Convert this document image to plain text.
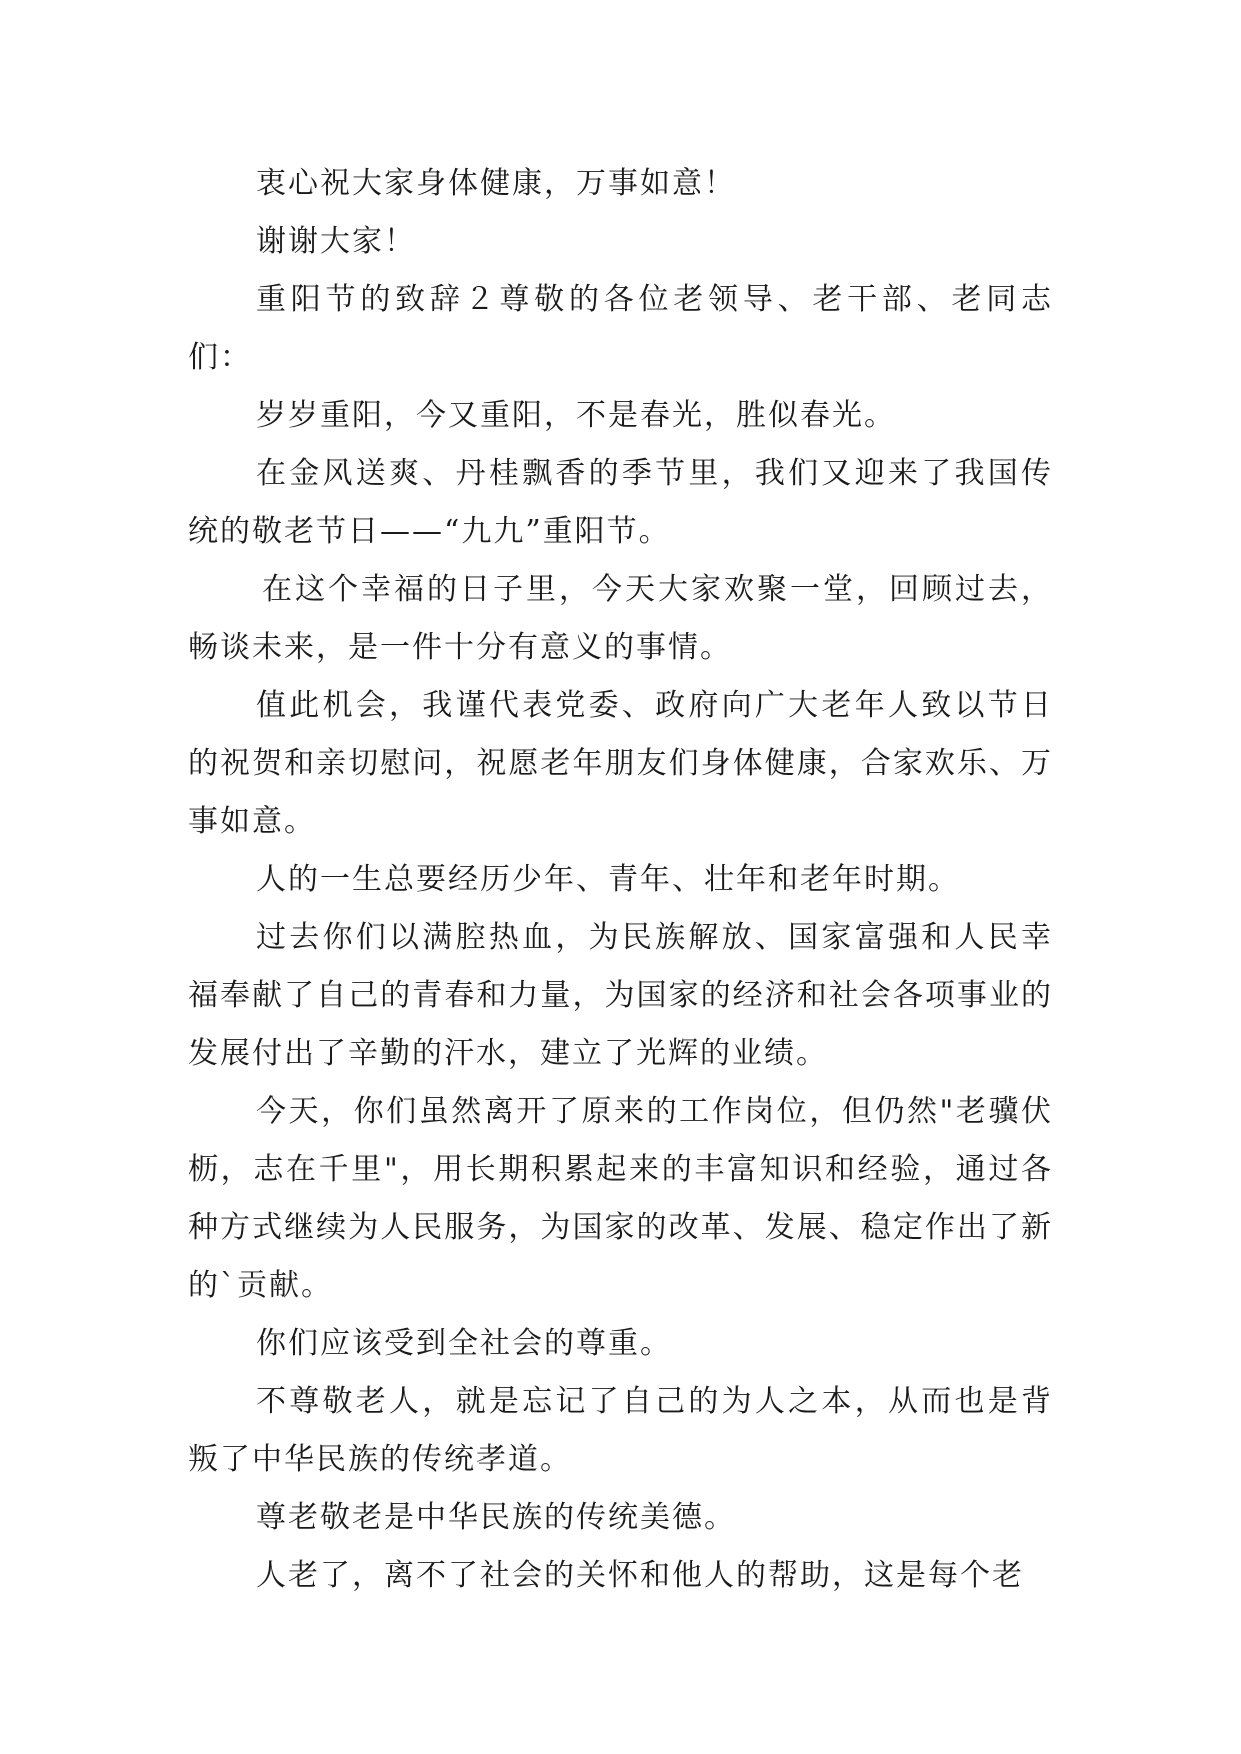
衷心祝大家身体健康，万事如意！

谢谢大家！

重阳节的致辞２尊敬的各位老领导、老干部、老同志们：

岁岁重阳，今又重阳，不是春光，胜似春光。

在金风送爽、丹桂飘香的季节里，我们又迎来了我国传统的敬老节日——“九九”重阳节。

在这个幸福的日子里，今天大家欢聚一堂，回顾过去，畅谈未来，是一件十分有意义的事情。

值此机会，我谨代表党委、政府向广大老年人致以节日的祝贺和亲切慰问，祝愿老年朋友们身体健康，合家欢乐、万事如意。

人的一生总要经历少年、青年、壮年和老年时期。

过去你们以满腔热血，为民族解放、国家富强和人民幸福奉献了自己的青春和力量，为国家的经济和社会各项事业的发展付出了辛勤的汗水，建立了光辉的业绩。

今天，你们虽然离开了原来的工作岗位，但仍然"老骥伏枥，志在千里"，用长期积累起来的丰富知识和经验，通过各种方式继续为人民服务，为国家的改革、发展、稳定作出了新的`贡献。

你们应该受到全社会的尊重。

不尊敬老人，就是忘记了自己的为人之本，从而也是背叛了中华民族的传统孝道。

尊老敬老是中华民族的传统美德。

人老了，离不了社会的关怀和他人的帮助，这是每个老
